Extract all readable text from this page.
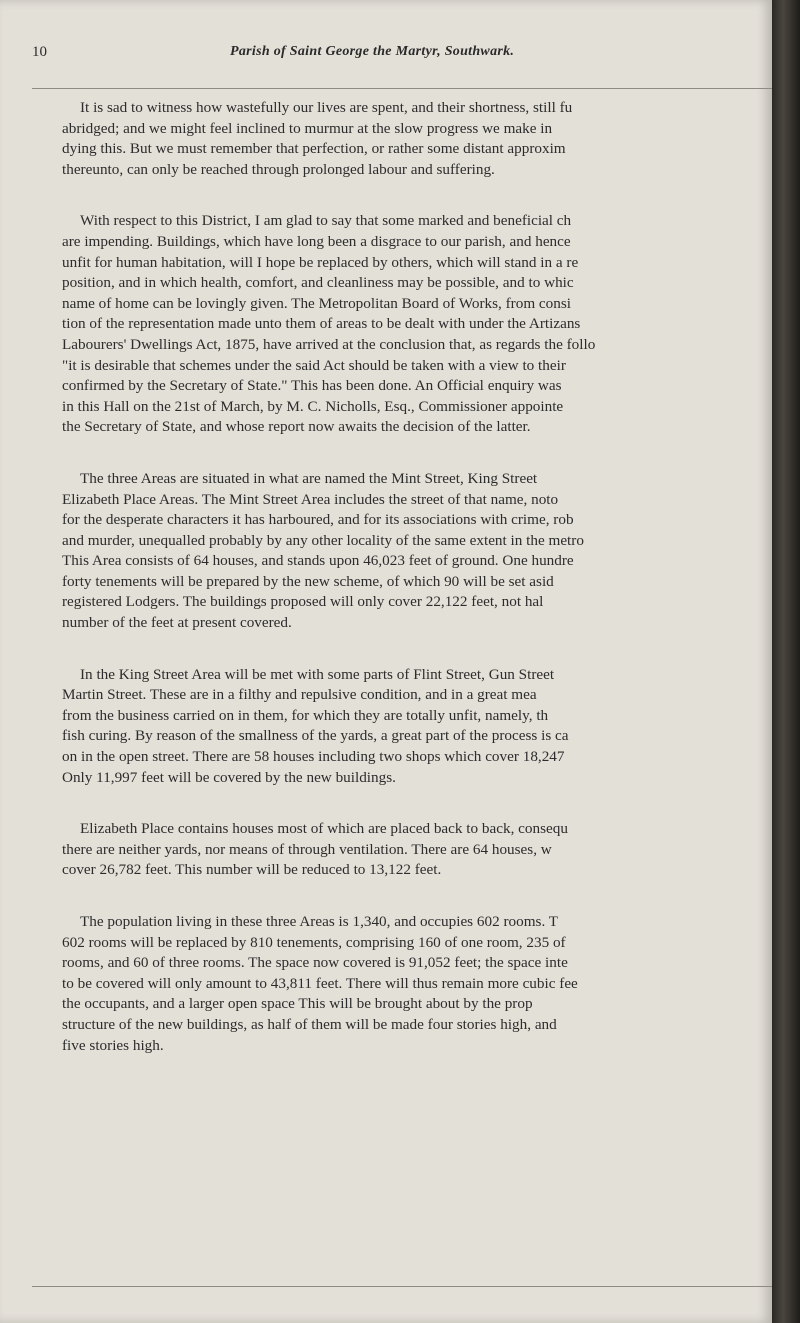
10	Parish of Saint George the Martyr, Southwark.

It is sad to witness how wastefully our lives are spent, and their shortness, still fu
abridged; and we might feel inclined to murmur at the slow progress we make in
dying this. But we must remember that perfection, or rather some distant approxim
thereunto, can only be reached through prolonged labour and suffering.

With respect to this District, I am glad to say that some marked and beneficial ch
are impending. Buildings, which have long been a disgrace to our parish, and hence
unfit for human habitation, will I hope be replaced by others, which will stand in a re
position, and in which health, comfort, and cleanliness may be possible, and to whic
name of home can be lovingly given. The Metropolitan Board of Works, from consi
tion of the representation made unto them of areas to be dealt with under the Artizans
Labourers' Dwellings Act, 1875, have arrived at the conclusion that, as regards the follo
"it is desirable that schemes under the said Act should be taken with a view to their
confirmed by the Secretary of State." This has been done. An Official enquiry was
in this Hall on the 21st of March, by M. C. Nicholls, Esq., Commissioner appointe
the Secretary of State, and whose report now awaits the decision of the latter.

The three Areas are situated in what are named the Mint Street, King Street
Elizabeth Place Areas. The Mint Street Area includes the street of that name, noto
for the desperate characters it has harboured, and for its associations with crime, rob
and murder, unequalled probably by any other locality of the same extent in the metro
This Area consists of 64 houses, and stands upon 46,023 feet of ground. One hundre
forty tenements will be prepared by the new scheme, of which 90 will be set asid
registered Lodgers. The buildings proposed will only cover 22,122 feet, not hal
number of the feet at present covered.

In the King Street Area will be met with some parts of Flint Street, Gun Street
Martin Street. These are in a filthy and repulsive condition, and in a great mea
from the business carried on in them, for which they are totally unfit, namely, th
fish curing. By reason of the smallness of the yards, a great part of the process is ca
on in the open street. There are 58 houses including two shops which cover 18,247
Only 11,997 feet will be covered by the new buildings.

Elizabeth Place contains houses most of which are placed back to back, consequ
there are neither yards, nor means of through ventilation. There are 64 houses, w
cover 26,782 feet. This number will be reduced to 13,122 feet.

The population living in these three Areas is 1,340, and occupies 602 rooms. T
602 rooms will be replaced by 810 tenements, comprising 160 of one room, 235 of
rooms, and 60 of three rooms. The space now covered is 91,052 feet; the space inte
to be covered will only amount to 43,811 feet. There will thus remain more cubic fee
the occupants, and a larger open space This will be brought about by the prop
structure of the new buildings, as half of them will be made four stories high, and
five stories high.
